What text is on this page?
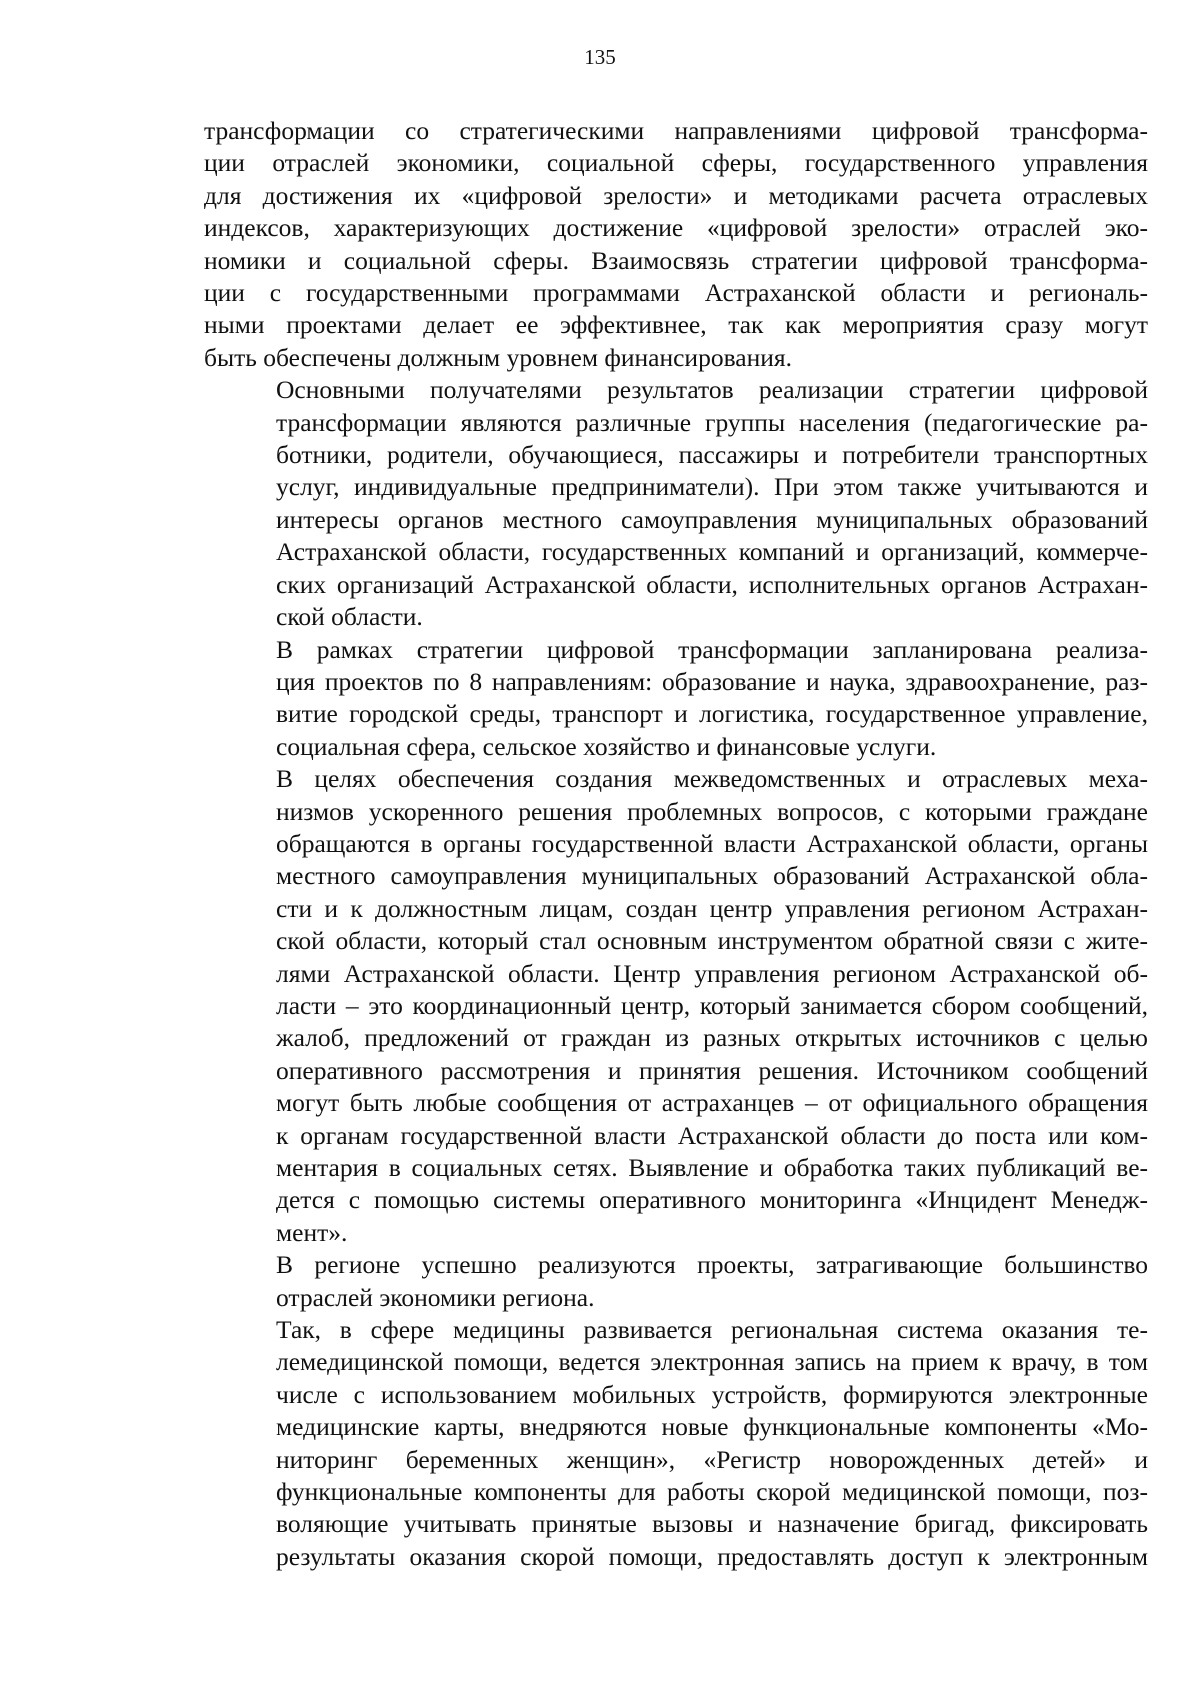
135

трансформации со стратегическими направлениями цифровой трансформа-
ции отраслей экономики, социальной сферы, государственного управления
для достижения их «цифровой зрелости» и методиками расчета отраслевых
индексов, характеризующих достижение «цифровой зрелости» отраслей эко-
номики и социальной сферы. Взаимосвязь стратегии цифровой трансформа-
ции с государственными программами Астраханской области и региональ-
ными проектами делает ее эффективнее, так как мероприятия сразу могут
быть обеспечены должным уровнем финансирования.

Основными получателями результатов реализации стратегии цифровой
трансформации являются различные группы населения (педагогические ра-
ботники, родители, обучающиеся, пассажиры и потребители транспортных
услуг, индивидуальные предприниматели). При этом также учитываются и
интересы органов местного самоуправления муниципальных образований
Астраханской области, государственных компаний и организаций, коммерче-
ских организаций Астраханской области, исполнительных органов Астрахан-
ской области.

В рамках стратегии цифровой трансформации запланирована реализа-
ция проектов по 8 направлениям: образование и наука, здравоохранение, раз-
витие городской среды, транспорт и логистика, государственное управление,
социальная сфера, сельское хозяйство и финансовые услуги.

В целях обеспечения создания межведомственных и отраслевых меха-
низмов ускоренного решения проблемных вопросов, с которыми граждане
обращаются в органы государственной власти Астраханской области, органы
местного самоуправления муниципальных образований Астраханской обла-
сти и к должностным лицам, создан центр управления регионом Астрахан-
ской области, который стал основным инструментом обратной связи с жите-
лями Астраханской области. Центр управления регионом Астраханской об-
ласти – это координационный центр, который занимается сбором сообщений,
жалоб, предложений от граждан из разных открытых источников с целью
оперативного рассмотрения и принятия решения. Источником сообщений
могут быть любые сообщения от астраханцев – от официального обращения
к органам государственной власти Астраханской области до поста или ком-
ментария в социальных сетях. Выявление и обработка таких публикаций ве-
дется с помощью системы оперативного мониторинга «Инцидент Менедж-
мент».

В регионе успешно реализуются проекты, затрагивающие большинство
отраслей экономики региона.

Так, в сфере медицины развивается региональная система оказания те-
лемедицинской помощи, ведется электронная запись на прием к врачу, в том
числе с использованием мобильных устройств, формируются электронные
медицинские карты, внедряются новые функциональные компоненты «Мо-
ниторинг беременных женщин», «Регистр новорожденных детей» и
функциональные компоненты для работы скорой медицинской помощи, поз-
воляющие учитывать принятые вызовы и назначение бригад, фиксировать
результаты оказания скорой помощи, предоставлять доступ к электронным
